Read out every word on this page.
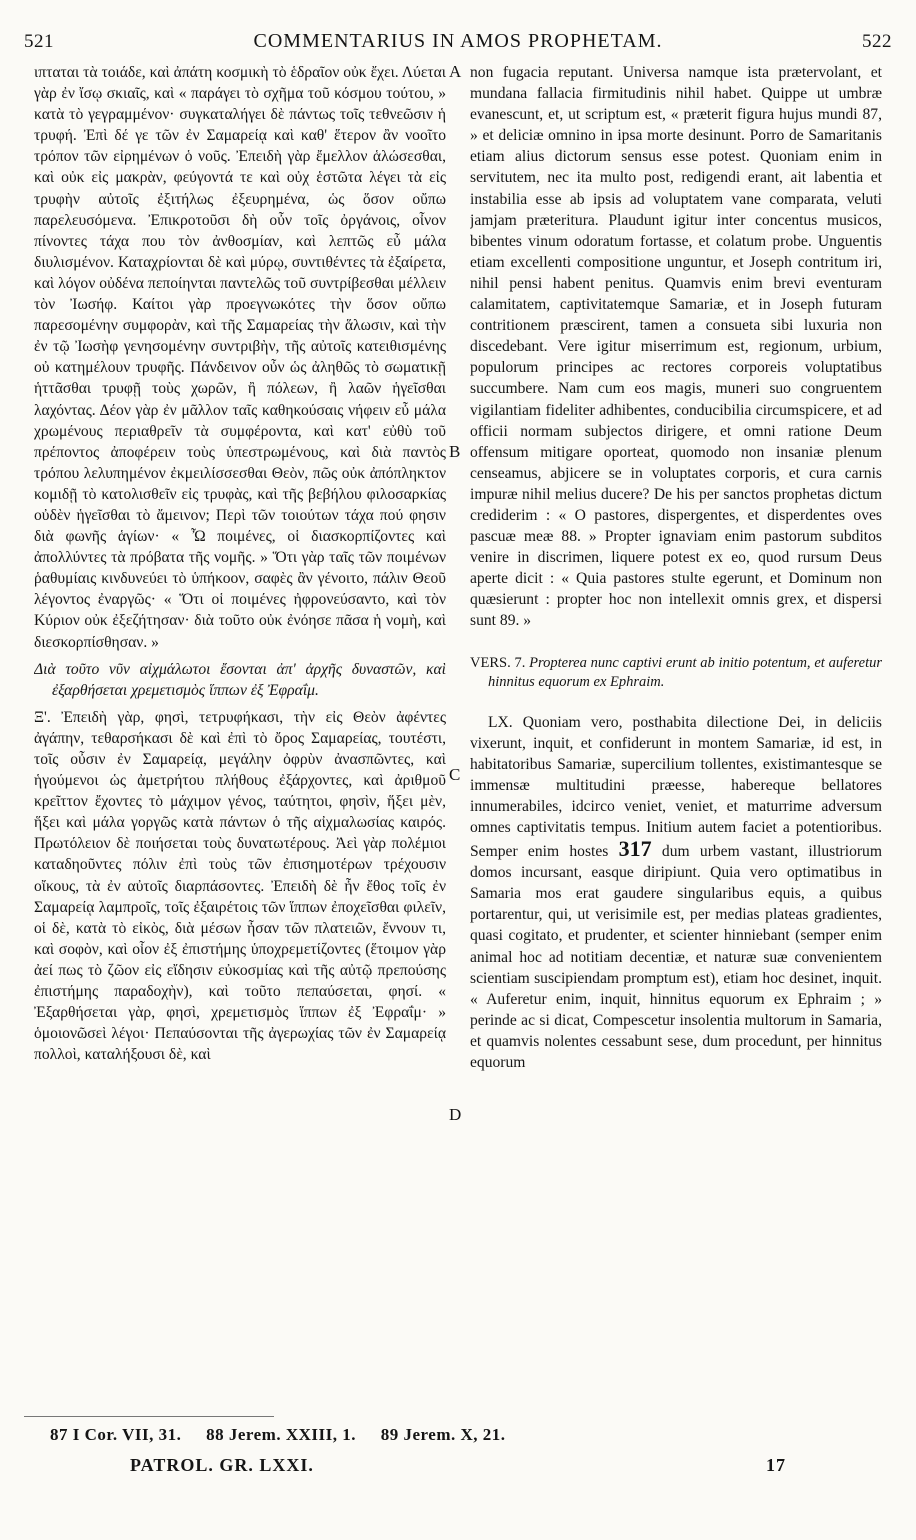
521	COMMENTARIUS IN AMOS PROPHETAM.	522
A
B
C
D

ιπταται τὰ τοιάδε, καὶ ἀπάτη κοσμικὴ τὸ ἑδραῖον οὐκ ἔχει. Λύεται γὰρ ἐν ἴσῳ σκιαῖς, καὶ « παράγει τὸ σχῆμα τοῦ κόσμου τούτου, » κατὰ τὸ γεγραμμένον· συγκαταλήγει δὲ πάντως τοῖς τεθνεῶσιν ἡ τρυφή. Ἐπὶ δέ γε τῶν ἐν Σαμαρείᾳ καὶ καθ' ἕτερον ἂν νοοῖτο τρόπον τῶν εἰρημένων ὁ νοῦς. Ἐπειδὴ γὰρ ἔμελλον ἁλώσεσθαι, καὶ οὐκ εἰς μακρὰν, φεύγοντά τε καὶ οὐχ ἑστῶτα λέγει τὰ εἰς τρυφὴν αὐτοῖς ἐξιτήλως ἐξευρημένα, ὡς ὅσον οὔπω παρελευσόμενα. Ἐπικροτοῦσι δὴ οὖν τοῖς ὀργάνοις, οἶνον πίνοντες τάχα που τὸν ἀνθοσμίαν, καὶ λεπτῶς εὖ μάλα διυλισμένον. Καταχρίονται δὲ καὶ μύρῳ, συντιθέντες τὰ ἐξαίρετα, καὶ λόγον οὐδένα πεποίηνται παντελῶς τοῦ συντρίβεσθαι μέλλειν τὸν Ἰωσήφ. Καίτοι γὰρ προεγνωκότες τὴν ὅσον οὔπω παρεσομένην συμφορὰν, καὶ τῆς Σαμαρείας τὴν ἅλωσιν, καὶ τὴν ἐν τῷ Ἰωσὴφ γενησομένην συντριβὴν, τῆς αὐτοῖς κατειθισμένης οὐ κατημέλουν τρυφῆς. Πάνδεινον οὖν ὡς ἀληθῶς τὸ σωματικῇ ἡττᾶσθαι τρυφῇ τοὺς χωρῶν, ἢ πόλεων, ἢ λαῶν ἡγεῖσθαι λαχόντας. Δέον γὰρ ἐν μᾶλλον ταῖς καθηκούσαις νήφειν εὖ μάλα χρωμένους περιαθρεῖν τὰ συμφέροντα, καὶ κατ' εὐθὺ τοῦ πρέποντος ἀποφέρειν τοὺς ὑπεστρωμένους, καὶ διὰ παντὸς τρόπου λελυπημένον ἐκμειλίσσεσθαι Θεὸν, πῶς οὐκ ἀπόπληκτον κομιδῇ τὸ κατολισθεῖν εἰς τρυφὰς, καὶ τῆς βεβήλου φιλοσαρκίας οὐδὲν ἡγεῖσθαι τὸ ἄμεινον; Περὶ τῶν τοιούτων τάχα πού φησιν διὰ φωνῆς ἁγίων· « Ὦ ποιμένες, οἱ διασκορπίζοντες καὶ ἀπολλύντες τὰ πρόβατα τῆς νομῆς. » Ὅτι γὰρ ταῖς τῶν ποιμένων ῥαθυμίαις κινδυνεύει τὸ ὑπήκοον, σαφὲς ἂν γένοιτο, πάλιν Θεοῦ λέγοντος ἐναργῶς· « Ὅτι οἱ ποιμένες ἠφρονεύσαντο, καὶ τὸν Κύριον οὐκ ἐξεζήτησαν· διὰ τοῦτο οὐκ ἐνόησε πᾶσα ἡ νομὴ, καὶ διεσκορπίσθησαν. »

Διὰ τοῦτο νῦν αἰχμάλωτοι ἔσονται ἀπ' ἀρχῆς δυναστῶν, καὶ ἐξαρθήσεται χρεμετισμὸς ἵππων ἐξ Ἐφραΐμ.

Ξ'. Ἐπειδὴ γὰρ, φησὶ, τετρυφήκασι, τὴν εἰς Θεὸν ἀφέντες ἀγάπην, τεθαρσήκασι δὲ καὶ ἐπὶ τὸ ὄρος Σαμαρείας, τουτέστι, τοῖς οὖσιν ἐν Σαμαρείᾳ, μεγάλην ὀφρὺν ἀνασπῶντες, καὶ ἡγούμενοι ὡς ἀμετρήτου πλήθους ἐξάρχοντες, καὶ ἀριθμοῦ κρεῖττον ἔχοντες τὸ μάχιμον γένος, ταύτητοι, φησὶν, ἥξει μὲν, ἥξει καὶ μάλα γοργῶς κατὰ πάντων ὁ τῆς αἰχμαλωσίας καιρός. Πρωτόλειον δὲ ποιήσεται τοὺς δυνατωτέρους. Ἀεὶ γὰρ πολέμιοι καταδηοῦντες πόλιν ἐπὶ τοὺς τῶν ἐπισημοτέρων τρέχουσιν οἴκους, τὰ ἐν αὐτοῖς διαρπάσοντες. Ἐπειδὴ δὲ ἦν ἔθος τοῖς ἐν Σαμαρείᾳ λαμπροῖς, τοῖς ἐξαιρέτοις τῶν ἵππων ἐποχεῖσθαι φιλεῖν, οἱ δὲ, κατὰ τὸ εἰκὸς, διὰ μέσων ἦσαν τῶν πλατειῶν, ἔννουν τι, καὶ σοφὸν, καὶ οἷον ἐξ ἐπιστήμης ὑποχρεμετίζοντες (ἕτοιμον γὰρ ἀεί πως τὸ ζῶον εἰς εἴδησιν εὐκοσμίας καὶ τῆς αὐτῷ πρεπούσης ἐπιστήμης παραδοχὴν), καὶ τοῦτο πεπαύσεται, φησί. « Ἐξαρθήσεται γὰρ, φησὶ, χρεμετισμὸς ἵππων ἐξ Ἐφραΐμ· » ὁμοιονῶσεὶ λέγοι· Πεπαύσονται τῆς ἀγερωχίας τῶν ἐν Σαμαρείᾳ πολλοὶ, καταλήξουσι δὲ, καὶ

non fugacia reputant. Universa namque ista prætervolant, et mundana fallacia firmitudinis nihil habet. Quippe ut umbræ evanescunt, et, ut scriptum est, « præterit figura hujus mundi 87, » et deliciæ omnino in ipsa morte desinunt. Porro de Samaritanis etiam alius dictorum sensus esse potest. Quoniam enim in servitutem, nec ita multo post, redigendi erant, ait labentia et instabilia esse ab ipsis ad voluptatem vane comparata, veluti jamjam præteritura. Plaudunt igitur inter concentus musicos, bibentes vinum odoratum fortasse, et colatum probe. Unguentis etiam excellenti compositione unguntur, et Joseph contritum iri, nihil pensi habent penitus. Quamvis enim brevi eventuram calamitatem, captivitatemque Samariæ, et in Joseph futuram contritionem præscirent, tamen a consueta sibi luxuria non discedebant. Vere igitur miserrimum est, regionum, urbium, populorum principes ac rectores corporeis voluptatibus succumbere. Nam cum eos magis, muneri suo congruentem vigilantiam fideliter adhibentes, conducibilia circumspicere, et ad officii normam subjectos dirigere, et omni ratione Deum offensum mitigare oporteat, quomodo non insaniæ plenum censeamus, abjicere se in voluptates corporis, et cura carnis impuræ nihil melius ducere? De his per sanctos prophetas dictum crediderim : « O pastores, dispergentes, et disperdentes oves pascuæ meæ 88. » Propter ignaviam enim pastorum subditos venire in discrimen, liquere potest ex eo, quod rursum Deus aperte dicit : « Quia pastores stulte egerunt, et Dominum non quæsierunt : propter hoc non intellexit omnis grex, et dispersi sunt 89. »

VERS. 7. Propterea nunc captivi erunt ab initio potentum, et auferetur hinnitus equorum ex Ephraim.

LX. Quoniam vero, posthabita dilectione Dei, in deliciis vixerunt, inquit, et confiderunt in montem Samariæ, id est, in habitatoribus Samariæ, supercilium tollentes, existimantesque se immensæ multitudini præesse, habereque bellatores innumerabiles, idcirco veniet, veniet, et maturrime adversum omnes captivitatis tempus. Initium autem faciet a potentioribus. Semper enim hostes 317 dum urbem vastant, illustriorum domos incursant, easque diripiunt. Quia vero optimatibus in Samaria mos erat gaudere singularibus equis, a quibus portarentur, qui, ut verisimile est, per medias plateas gradientes, quasi cogitato, et prudenter, et scienter hinniebant (semper enim animal hoc ad notitiam decentiæ, et naturæ suæ convenientem scientiam suscipiendam promptum est), etiam hoc desinet, inquit. « Auferetur enim, inquit, hinnitus equorum ex Ephraim ; » perinde ac si dicat, Compescetur insolentia multorum in Samaria, et quamvis nolentes cessabunt sese, dum procedunt, per hinnitus equorum

87 I Cor. VII, 31. 88 Jerem. XXIII, 1. 89 Jerem. X, 21.
PATROL. GR. LXXI.	17
